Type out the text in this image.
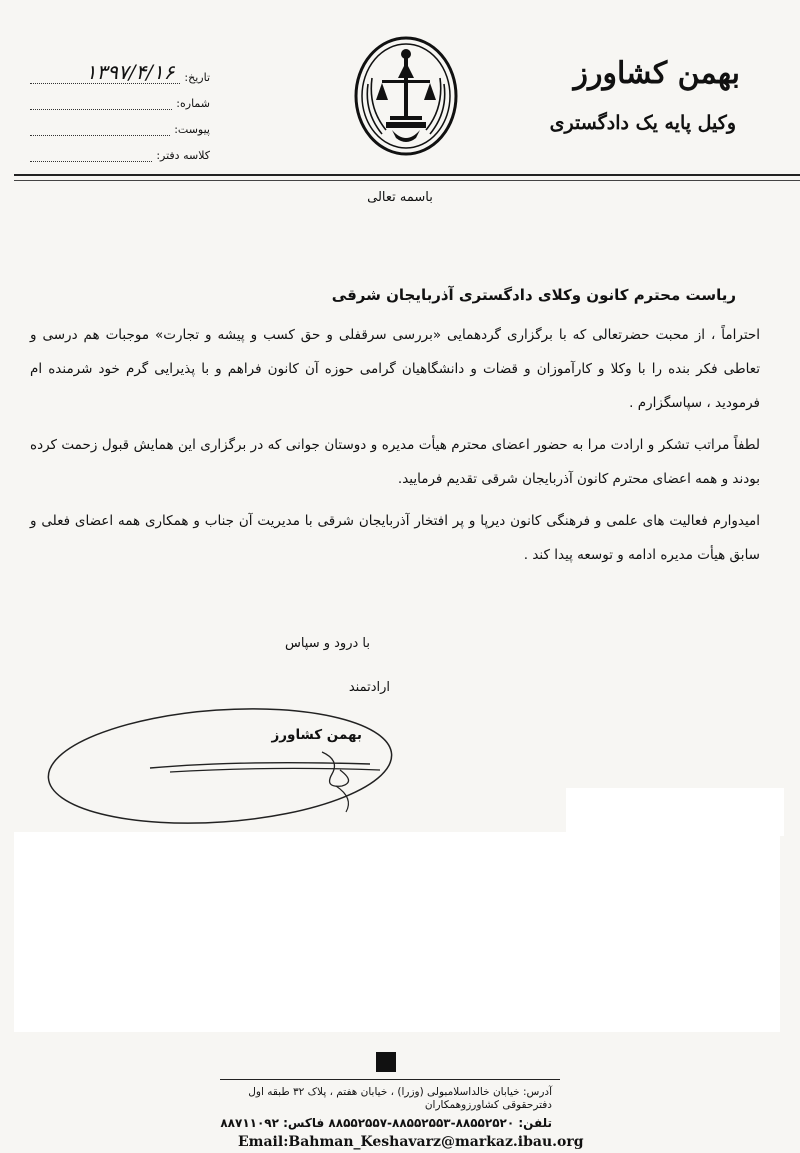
بهمن کشاورز
وکیل پایه یک دادگستری
تاریخ:
۱۳۹۷/۴/۱۶
شماره:
پیوست:
کلاسه دفتر:
باسمه تعالی
ریاست محترم کانون وکلای دادگستری آذربایجان شرقی

احتراماً ، از محبت حضرتعالی که با برگزاری گردهمایی «بررسی سرقفلی و حق کسب و پیشه و تجارت» موجبات هم درسی و تعاطی فکر بنده را با وکلا و کارآموزان و قضات و دانشگاهیان گرامی حوزه آن کانون فراهم و با پذیرایی گرم خود شرمنده ام فرمودید ، سپاسگزارم .

لطفاً مراتب تشکر و ارادت مرا به حضور اعضای محترم هیأت مدیره و دوستان جوانی که در برگزاری این همایش قبول زحمت کرده بودند و همه اعضای محترم کانون آذربایجان شرقی تقدیم فرمایید.

امیدوارم فعالیت های علمی و فرهنگی کانون دیرپا و پر افتخار آذربایجان شرقی با مدیریت آن جناب و همکاری همه اعضای فعلی و سابق هیأت مدیره ادامه و توسعه پیدا کند .

با درود و سپاس
ارادتمند
بهمن کشاورز
آدرس: خیابان خالداسلامبولی (وزرا) ، خیابان هفتم ، پلاک ۳۲ طبقه اول
دفترحقوقی کشاورزوهمکاران
تلفن: ۸۸۵۵۲۵۲۰-۸۸۵۵۲۵۵۳-۸۸۵۵۲۵۵۷ فاکس: ۸۸۷۱۱۰۹۲
Email:Bahman_Keshavarz@markaz.ibau.org
